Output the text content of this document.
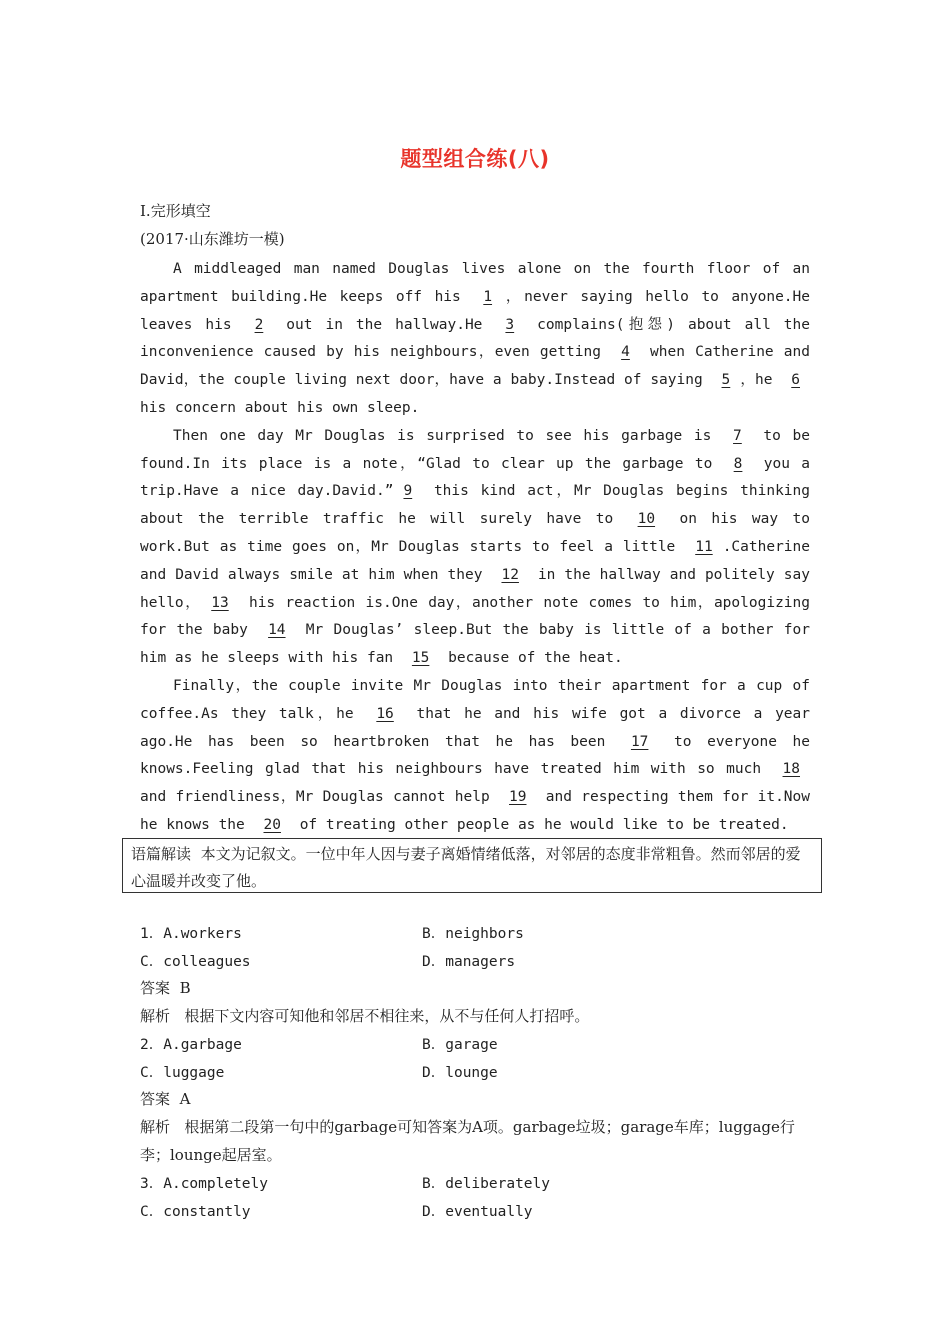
题型组合练(八)
Ⅰ.完形填空
(2017·山东潍坊一模)

A middleaged man named Douglas lives alone on the fourth floor of an apartment building.He keeps off his 1 ，never saying hello to anyone.He leaves his 2 out in the hallway.He 3 complains(抱怨) about all the inconvenience caused by his neighbours，even getting 4 when Catherine and David，the couple living next door，have a baby.Instead of saying 5 ，he 6 his concern about his own sleep.

Then one day Mr Douglas is surprised to see his garbage is 7 to be found.In its place is a note，“Glad to clear up the garbage to 8 you a trip.Have a nice day.David.” 9 this kind act，Mr Douglas begins thinking about the terrible traffic he will surely have to 10 on his way to work.But as time goes on，Mr Douglas starts to feel a little 11 .Catherine and David always smile at him when they 12 in the hallway and politely say hello， 13 his reaction is.One day，another note comes to him，apologizing for the baby 14 Mr Douglas’ sleep.But the baby is little of a bother for him as he sleeps with his fan 15 because of the heat.

Finally，the couple invite Mr Douglas into their apartment for a cup of coffee.As they talk，he 16 that he and his wife got a divorce a year ago.He has been so heartbroken that he has been 17 to everyone he knows.Feeling glad that his neighbours have treated him with so much 18 and friendliness，Mr Douglas cannot help 19 and respecting them for it.Now he knows the 20 of treating other people as he would like to be treated.

语篇解读 本文为记叙文。一位中年人因与妻子离婚情绪低落，对邻居的态度非常粗鲁。然而邻居的爱心温暖并改变了他。
1．A.workers	B．neighbors
C．colleagues	D．managers
答案 B
解析 根据下文内容可知他和邻居不相往来，从不与任何人打招呼。
2．A.garbage	B．garage
C．luggage	D．lounge
答案 A
解析 根据第二段第一句中的garbage可知答案为A项。garbage垃圾；garage车库；luggage行李；lounge起居室。
3．A.completely	B．deliberately
C．constantly	D．eventually
